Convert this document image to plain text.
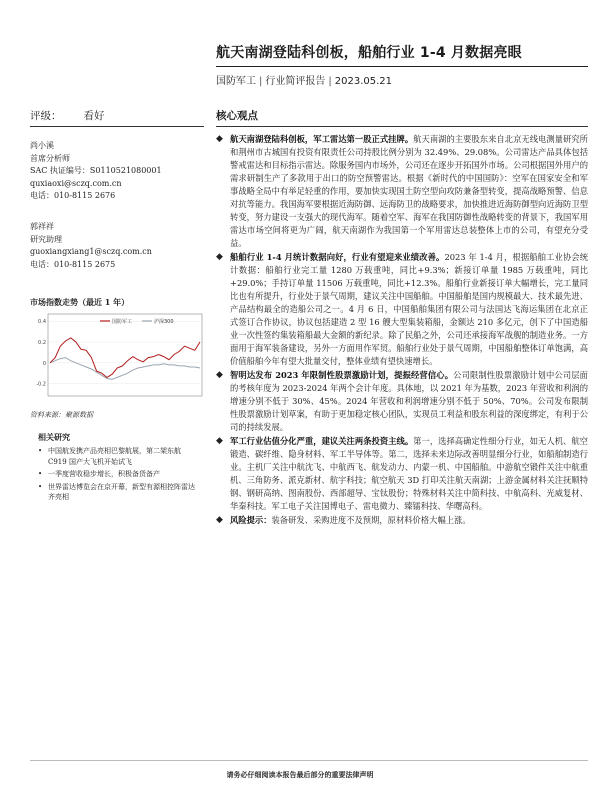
航天南湖登陆科创板，船舶行业 1-4 月数据亮眼
国防军工 | 行业简评报告 | 2023.05.21
评级： 看好	核心观点
尚小溪
首席分析师
SAC 执证编号：S0110521080001
quxiaoxi@sczq.com.cn
电话：010-8115 2676
郭祥祥
研究助理
guoxiangxiang1@sczq.com.cn
电话：010-8115 2675
市场指数走势（最近 1 年）
0.4
0.2
0
-0.2
国防军工	沪深300
资料来源：聚源数据
相关研究
• 中国航发携产品亮相巴黎航展，第二架东航 C919 国产大飞机开始试飞
• 一季度营收稳步增长，积极备货备产
• 世界雷达博览会在京开幕，新型有源相控阵雷达齐亮相
◆ 航天南湖登陆科创板，军工雷达第一股正式挂牌。航天南湖的主要股东来自北京无线电测量研究所和荆州市古城国有投资有限责任公司持股比例分别为 32.49%、29.08%。公司雷达产品具体包括警戒雷达和目标指示雷达。除服务国内市场外，公司还在逐步开拓国外市场。公司根据国外用户的需求研制生产了多款用于出口的防空预警雷达。根据《新时代的中国国防》：空军在国家安全和军事战略全局中有举足轻重的作用，要加快实现国土防空型向攻防兼备型转变，提高战略预警、信息对抗等能力。我国海军要根据近海防御、远海防卫的战略要求，加快推进近海防御型向近海防卫型转变，努力建设一支强大的现代海军。随着空军、海军在我国防御性战略转变的背景下，我国军用雷达市场空间将更为广阔，航天南湖作为我国第一个军用雷达总装整体上市的公司，有望充分受益。
◆ 船舶行业 1-4 月统计数据向好，行业有望迎来业绩改善。2023 年 1-4 月，根据船舶工业协会统计数据：船舶行业完工量 1280 万载重吨，同比+9.3%；新接订单量 1985 万载重吨，同比+29.0%；手持订单量 11506 万载重吨，同比+12.3%。船舶行业新接订单大幅增长，完工量同比也有所提升，行业处于景气周期，建议关注中国船舶。中国船舶是国内规模最大、技术最先进、产品结构最全的造船公司之一。4 月 6 日，中国船舶集团有限公司与法国达飞海运集团在北京正式签订合作协议，协议包括建造 2 型 16 艘大型集装箱船，金额达 210 多亿元，创下了中国造船业一次性签约集装箱船最大金额的新纪录。除了民船之外，公司还承接海军战舰的制造业务。一方面用于海军装备建设，另外一方面用作军贸。船舶行业处于景气周期，中国船舶整体订单饱满，高价值船舶今年有望大批量交付，整体业绩有望快速增长。
◆ 智明达发布 2023 年限制性股票激励计划，提振经营信心。公司限制性股票激励计划中公司层面的考核年度为 2023-2024 年两个会计年度。具体地，以 2021 年为基数，2023 年营收和利润的增速分别不低于 30%、45%。2024 年营收和利润增速分别不低于 50%、70%。公司发布限制性股票激励计划草案，有助于更加稳定核心团队，实现员工利益和股东利益的深度绑定，有利于公司的持续发展。
◆ 军工行业估值分化严重，建议关注两条投资主线。第一，选择高确定性细分行业，如无人机、航空锻造、碳纤维、隐身材料、军工半导体等。第二，选择未来边际改善明显细分行业，如船舶制造行业。主机厂关注中航沈飞、中航西飞、航发动力、内蒙一机、中国船舶。中游航空锻件关注中航重机、三角防务、派克新材、航宇科技；航空航天 3D 打印关注航天南湖；上游金属材料关注抚顺特钢、钢研高纳、图南股份、西部超导、宝钛股份；特殊材料关注中简科技、中航高科、光威复材、华秦科技。军工电子关注国博电子、雷电微力、臻镭科技、华曙高科。
◆ 风险提示：装备研发、采购进度不及预期，原材料价格大幅上涨。
请务必仔细阅读本报告最后部分的重要法律声明
